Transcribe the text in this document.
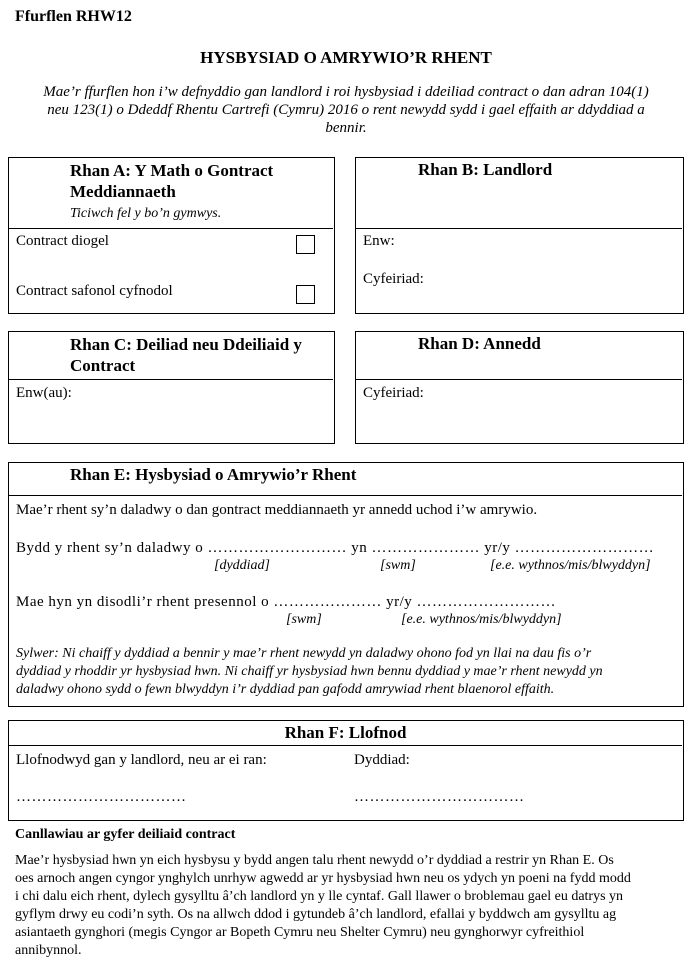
Ffurflen RHW12
HYSBYSIAD O AMRYWIO’R RHENT
Mae’r ffurflen hon i’w defnyddio gan landlord i roi hysbysiad i ddeiliad contract o dan adran 104(1) neu 123(1) o Ddeddf Rhentu Cartrefi (Cymru) 2016 o rent newydd sydd i gael effaith ar ddyddiad a bennir.
Rhan A: Y Math o Gontract
Meddiannaeth
Ticiwch fel y bo’n gymwys.
Contract diogel
Contract safonol cyfnodol
Rhan B: Landlord
Enw:
Cyfeiriad:
Rhan C: Deiliad neu Ddeiliaid y
Contract
Enw(au):
Rhan D: Annedd
Cyfeiriad:
Rhan E: Hysbysiad o Amrywio’r Rhent
Mae’r rhent sy’n daladwy o dan gontract meddiannaeth yr annedd uchod i’w amrywio.
Bydd y rhent sy’n daladwy o ……………………… yn ………………… yr/y ………………………
[dyddiad]	[swm]	[e.e. wythnos/mis/blwyddyn]
Mae hyn yn disodli’r rhent presennol o ………………… yr/y ………………………
[swm]	[e.e. wythnos/mis/blwyddyn]
Sylwer: Ni chaiff y dyddiad a bennir y mae’r rhent newydd yn daladwy ohono fod yn llai na dau fis o’r
dyddiad y rhoddir yr hysbysiad hwn. Ni chaiff yr hysbysiad hwn bennu dyddiad y mae’r rhent newydd yn
daladwy ohono sydd o fewn blwyddyn i’r dyddiad pan gafodd amrywiad rhent blaenorol effaith.
Rhan F: Llofnod
Llofnodwyd gan y landlord, neu ar ei ran:	Dyddiad:
……………………………	……………………………
Canllawiau ar gyfer deiliaid contract
Mae’r hysbysiad hwn yn eich hysbysu y bydd angen talu rhent newydd o’r dyddiad a restrir yn Rhan E. Os
oes arnoch angen cyngor ynghylch unrhyw agwedd ar yr hysbysiad hwn neu os ydych yn poeni na fydd modd
i chi dalu eich rhent, dylech gysylltu â’ch landlord yn y lle cyntaf. Gall llawer o broblemau gael eu datrys yn
gyflym drwy eu codi’n syth. Os na allwch ddod i gytundeb â’ch landlord, efallai y byddwch am gysylltu ag
asiantaeth gynghori (megis Cyngor ar Bopeth Cymru neu Shelter Cymru) neu gynghorwyr cyfreithiol
annibynnol.
